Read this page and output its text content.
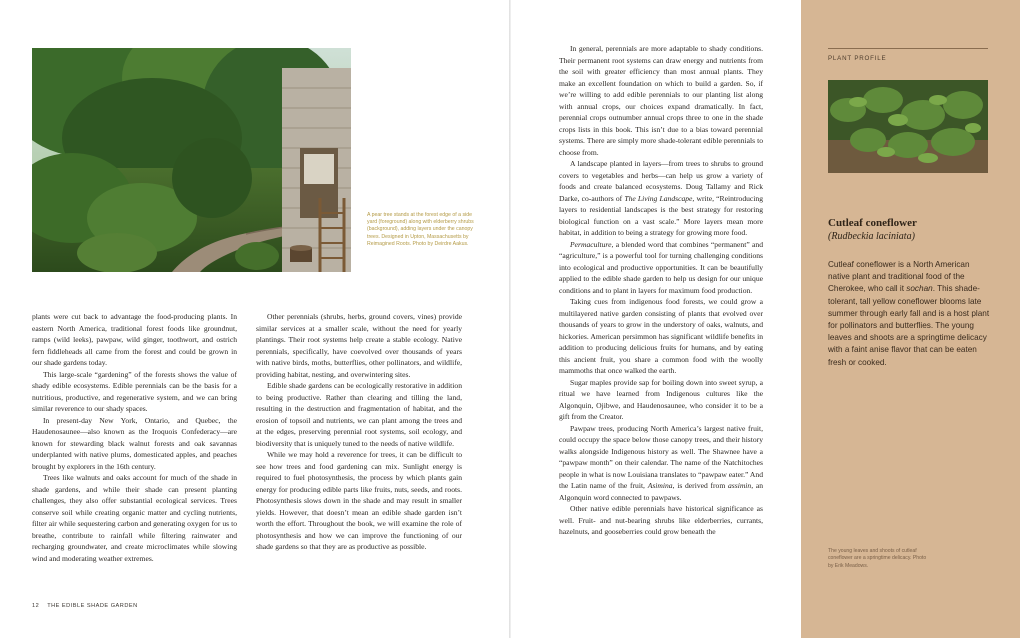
A pear tree stands at the forest edge of a side yard (foreground) along with elderberry shrubs (background), adding layers under the canopy trees. Designed in Upton, Massachusetts by Reimagined Roots. Photo by Deirdre Aakus.

plants were cut back to advantage the food-producing plants. In eastern North America, traditional forest foods like groundnut, ramps (wild leeks), pawpaw, wild ginger, toothwort, and ostrich fern fiddleheads all came from the forest and could be grown in our shade gardens today.

This large-scale “gardening” of the forests shows the value of shady edible ecosystems. Edible perennials can be the basis for a nutritious, productive, and regenerative system, and we can bring similar reverence to our shady spaces.

In present-day New York, Ontario, and Quebec, the Haudenosaunee—also known as the Iroquois Confederacy—are known for stewarding black walnut forests and oak savannas underplanted with native plums, domesticated apples, and peaches brought by explorers in the 16th century.

Trees like walnuts and oaks account for much of the shade in shade gardens, and while their shade can present planting challenges, they also offer substantial ecological services. Trees conserve soil while creating organic matter and cycling nutrients, filter air while sequestering carbon and generating oxygen for us to breathe, contribute to rainfall while filtering rainwater and recharging groundwater, and create microclimates while slowing wind and moderating weather extremes.

Other perennials (shrubs, herbs, ground covers, vines) provide similar services at a smaller scale, without the need for yearly plantings. Their root systems help create a stable ecology. Native perennials, specifically, have coevolved over thousands of years with native birds, moths, butterflies, other pollinators, and wildlife, providing habitat, nesting, and overwintering sites.

Edible shade gardens can be ecologically restorative in addition to being productive. Rather than clearing and tilling the land, resulting in the destruction and fragmentation of habitat, and the erosion of topsoil and nutrients, we can plant among the trees and at the edges, preserving perennial root systems, soil ecology, and biodiversity that is uniquely tuned to the needs of native wildlife.

While we may hold a reverence for trees, it can be difficult to see how trees and food gardening can mix. Sunlight energy is required to fuel photosynthesis, the process by which plants gain energy for producing edible parts like fruits, nuts, seeds, and roots. Photosynthesis slows down in the shade and may result in smaller yields. However, that doesn’t mean an edible shade garden isn’t worth the effort. Throughout the book, we will examine the role of photosynthesis and how we can improve the functioning of our shade gardens so that they are as productive as possible.

12 THE EDIBLE SHADE GARDEN

In general, perennials are more adaptable to shady conditions. Their permanent root systems can draw energy and nutrients from the soil with greater efficiency than most annual plants. They make an excellent foundation on which to build a garden. So, if we’re willing to add edible perennials to our planting list along with annual crops, our choices expand dramatically. In fact, perennial crops outnumber annual crops three to one in the shade crops lists in this book. This isn’t due to a bias toward perennial systems. There are simply more shade-tolerant edible perennials to choose from.

A landscape planted in layers—from trees to shrubs to ground covers to vegetables and herbs—can help us grow a variety of foods and create balanced ecosystems. Doug Tallamy and Rick Darke, co-authors of The Living Landscape, write, “Reintroducing layers to residential landscapes is the best strategy for restoring biological function on a vast scale.” More layers mean more habitat, in addition to being a strategy for growing more food.

Permaculture, a blended word that combines “permanent” and “agriculture,” is a powerful tool for turning challenging conditions into ecological and productive opportunities. It can be beautifully applied to the edible shade garden to help us design for our unique conditions and to plant in layers for maximum food production.

Taking cues from indigenous food forests, we could grow a multilayered native garden consisting of plants that evolved over thousands of years to grow in the understory of oaks, walnuts, and hickories. American persimmon has significant wildlife benefits in addition to producing delicious fruits for humans, and by eating this ancient fruit, you share a common food with the woolly mammoths that once walked the earth.

Sugar maples provide sap for boiling down into sweet syrup, a ritual we have learned from Indigenous cultures like the Algonquin, Ojibwe, and Haudenosaunee, who consider it to be a gift from the Creator.

Pawpaw trees, producing North America’s largest native fruit, could occupy the space below those canopy trees, and their history walks alongside Indigenous history as well. The Shawnee have a “pawpaw month” on their calendar. The name of the Natchitoches people in what is now Louisiana translates to “pawpaw eater.” And the Latin name of the fruit, Asimina, is derived from assimin, an Algonquin word connected to pawpaws.

Other native edible perennials have historical significance as well. Fruit- and nut-bearing shrubs like elderberries, currants, hazelnuts, and gooseberries could grow beneath the

PLANT PROFILE
Cutleaf coneflower
(Rudbeckia laciniata)
Cutleaf coneflower is a North American native plant and traditional food of the Cherokee, who call it sochan. This shade-tolerant, tall yellow coneflower blooms late summer through early fall and is a host plant for pollinators and butterflies. The young leaves and shoots are a springtime delicacy with a faint anise flavor that can be eaten fresh or cooked.
The young leaves and shoots of cutleaf coneflower are a springtime delicacy. Photo by Erik Meadows.
